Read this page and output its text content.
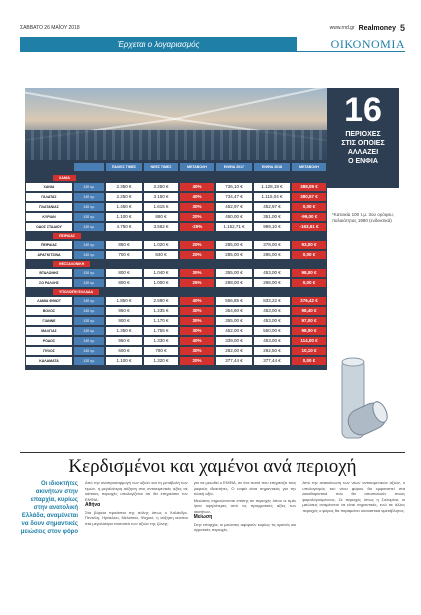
ΣΑΒΒΑΤΟ 26 ΜΑΪΟΥ 2018	www.rnd.gr Realmoney 5
Έρχεται ο λογαριασμός	ΟΙΚΟΝΟΜΙΑ
16
ΠΕΡΙΟΧΕΣ
ΣΤΙΣ ΟΠΟΙΕΣ
ΑΛΛΑΖΕΙ
Ο ΕΝΦΙΑ
*Κατοικία 100 τ.μ. 3ου ορόφου, παλαιότητας 1980 (ενδεικτικά)
ΠΑΛΙΕΣ ΤΙΜΕΣ	ΝΕΕΣ ΤΙΜΕΣ	ΜΕΤΑΒΟΛΗ	ΕΝΦΙΑ 2017	ΕΝΦΙΑ 2018	ΜΕΤΑΒΟΛΗ
ΧΑΝΙΑ
ΧΑΝΙΑ	120 τμ.	2.350 €	3.250 €	40%	736,10 €	1.128,19 €	388,09 €
ΓΑΛΑΤΑΣ	120 τμ.	2.250 €	3.150 €	40%	734,47 €	1.115,04 €	380,57 €
ΠΛΑΤΑΝΙΑΣ	120 τμ.	1.450 €	1.615 €	30%	452,97 €	452,97 €	0,00 €
ΚΥΡΙΑΝ	120 τμ.	1.100 €	880 €	20%	450,00 €	351,00 €	-99,00 €
ΟΔΟΣ ΣΤΑΔΙΟΥ	120 τμ.	4.750 €	3.562 €	-25%	1.152,71 €	989,10 €	-163,61 €
ΠΕΙΡΑΙΑΣ
ΠΕΙΡΑΙΑΣ	120 τμ.	850 €	1.020 €	20%	285,00 €	378,00 €	93,00 €
ΑΡΑΓΚΙΤΣΙΝΑ	120 τμ.	700 €	840 €	20%	285,00 €	285,00 €	0,00 €
ΘΕΣΣΑΛΟΝΙΚΗ
ΒΤΑΛΩΝΗΣ	120 τμ.	800 €	1.040 €	30%	355,00 €	453,00 €	98,00 €
ΣΟ ΡΑΛΛΗΣ	120 τμ.	800 €	1.000 €	25%	298,00 €	298,00 €	0,00 €
ΥΠΟΛΟΙΠΗ ΕΛΛΑΔΑ
ΛΑΜΙΑ ΦΘΙΩΤ	120 τμ.	1.850 €	2.590 €	40%	556,85 €	833,22 €	276,42 €
ΒΟΛΟΣ	120 τμ.	950 €	1.235 €	30%	354,60 €	453,00 €	98,40 €
ΓΙΑΝΝΕ	120 τμ.	900 €	1.170 €	30%	355,00 €	453,00 €	97,00 €
ΜΑΛΓΙΑΣ	120 τμ.	1.350 €	1.755 €	30%	452,00 €	550,00 €	98,00 €
ΡΟΔΟΣ	120 τμ.	950 €	1.330 €	40%	339,00 €	453,00 €	114,00 €
ΠΥΛΟΣ	120 τμ.	600 €	780 €	30%	282,00 €	292,50 €	10,10 €
ΚΑΛΑΜΑΤΑ	120 τμ.	1.100 €	1.320 €	20%	377,44 €	377,44 €	0,00 €
Κερδισμένοι και χαμένοι ανά περιοχή
Οι ιδιοκτήτες ακινήτων στην επαρχία, κυρίως στην ανατολική Ελλάδα, αναμένεται να δουν σημαντικές μειώσεις στον φόρο

Από την αναπροσαρμογή των αξιών και τη μεταβολή των τιμών, η μεγαλύτερη αύξηση στις αντικειμενικές αξίες σε κάποιες περιοχές υπολογίζεται ότι θα επηρεάσει τον ΕΝΦΙΑ.

Αθήνα

Στα βόρεια προάστια της πόλης όπως ο Χαλάνδρι, Πεντέλη, Ηράκλειο, Μελίσσια, Ψυχικό, η αύξηση κινείται στα μεγαλύτερα ποσοστά των αξιών της ζώνης.

για να μειωθεί ο ΕΝΦΙΑ, σε ένα ποσό που επηρεάζει τους μικρούς ιδιοκτήτες. Ο ενφιά είναι σημαντικός για την τελική αξία.

Μειώσεις σημειώνονται επίσης σε περιοχές όπου οι τιμές ήταν υψηλότερες από τις πραγματικές αξίες των ακινήτων.

Μείωση

Στην επαρχία, οι μειώσεις αφορούν κυρίως τις ορεινές και αγροτικές περιοχές.

Από την ανακοίνωση των νέων αντικειμενικών αξιών, ο υπολογισμός του νέου φόρου θα εμφανιστεί στα εκκαθαριστικά που θα αποσταλούν στους φορολογούμενους. Σε περιοχές όπως η Σαλαμίνα, οι μειώσεις αναμένεται να είναι σημαντικές, ενώ σε άλλες περιοχές ο φόρος θα παραμείνει ουσιαστικά αμετάβλητος.
